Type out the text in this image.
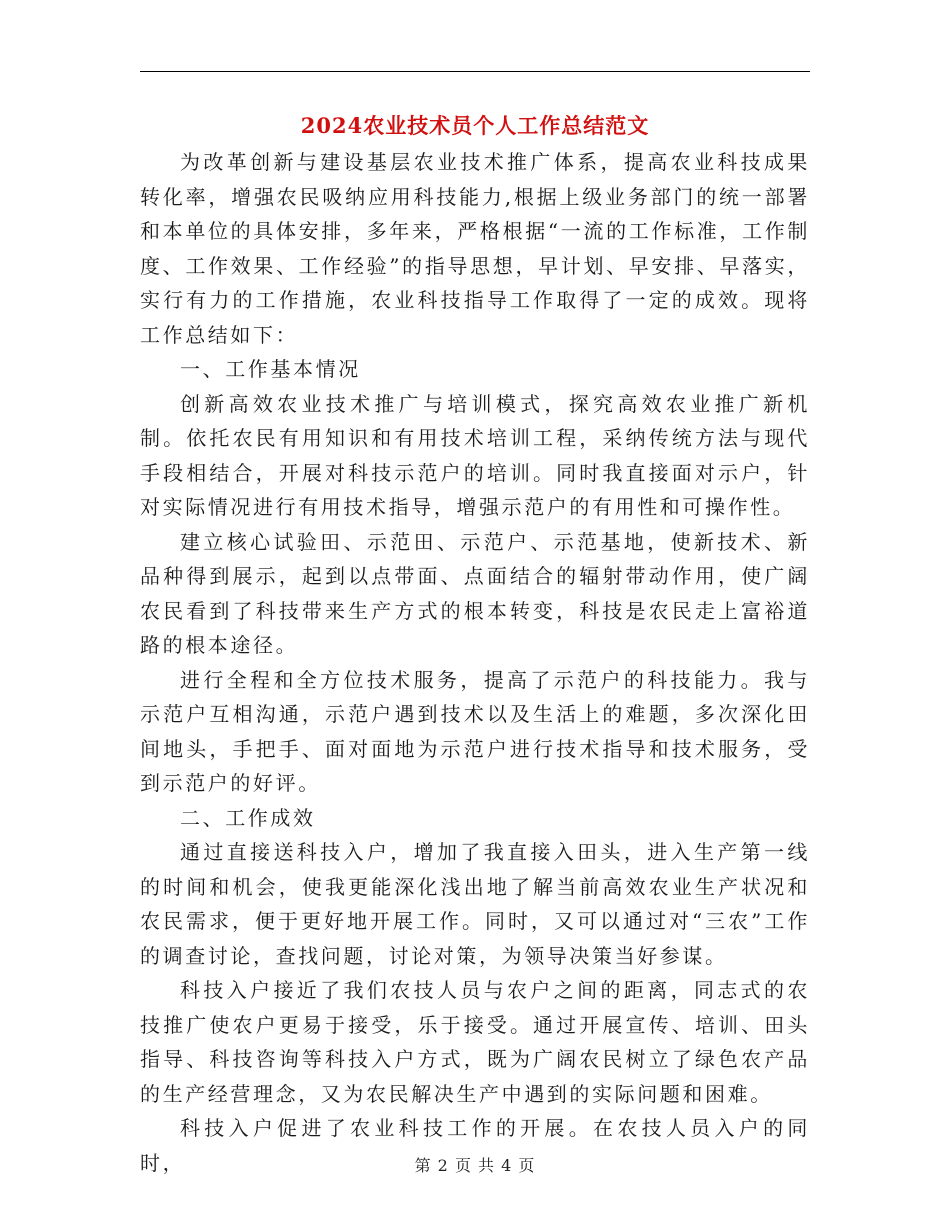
2024农业技术员个人工作总结范文

为改革创新与建设基层农业技术推广体系，提高农业科技成果转化率，增强农民吸纳应用科技能力,根据上级业务部门的统一部署和本单位的具体安排，多年来，严格根据“一流的工作标准，工作制度、工作效果、工作经验”的指导思想，早计划、早安排、早落实，实行有力的工作措施，农业科技指导工作取得了一定的成效。现将工作总结如下：

一、工作基本情况

创新高效农业技术推广与培训模式，探究高效农业推广新机制。依托农民有用知识和有用技术培训工程，采纳传统方法与现代手段相结合，开展对科技示范户的培训。同时我直接面对示户，针对实际情况进行有用技术指导，增强示范户的有用性和可操作性。

建立核心试验田、示范田、示范户、示范基地，使新技术、新品种得到展示，起到以点带面、点面结合的辐射带动作用，使广阔农民看到了科技带来生产方式的根本转变，科技是农民走上富裕道路的根本途径。

进行全程和全方位技术服务，提高了示范户的科技能力。我与示范户互相沟通，示范户遇到技术以及生活上的难题，多次深化田间地头，手把手、面对面地为示范户进行技术指导和技术服务，受到示范户的好评。

二、工作成效

通过直接送科技入户，增加了我直接入田头，进入生产第一线的时间和机会，使我更能深化浅出地了解当前高效农业生产状况和农民需求，便于更好地开展工作。同时，又可以通过对“三农”工作的调查讨论，查找问题，讨论对策，为领导决策当好参谋。

科技入户接近了我们农技人员与农户之间的距离，同志式的农技推广使农户更易于接受，乐于接受。通过开展宣传、培训、田头指导、科技咨询等科技入户方式，既为广阔农民树立了绿色农产品的生产经营理念，又为农民解决生产中遇到的实际问题和困难。

科技入户促进了农业科技工作的开展。在农技人员入户的同时，	第 2 页 共 4 页
